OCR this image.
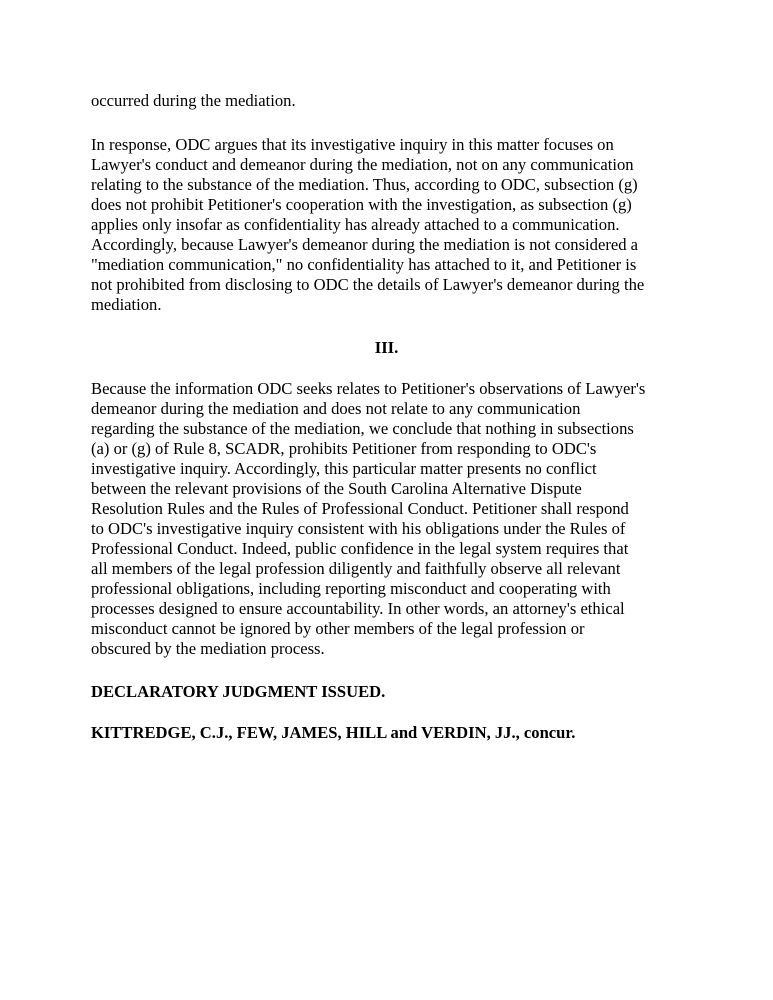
occurred during the mediation.

In response, ODC argues that its investigative inquiry in this matter focuses on
Lawyer's conduct and demeanor during the mediation, not on any communication
relating to the substance of the mediation. Thus, according to ODC, subsection (g)
does not prohibit Petitioner's cooperation with the investigation, as subsection (g)
applies only insofar as confidentiality has already attached to a communication.
Accordingly, because Lawyer's demeanor during the mediation is not considered a
"mediation communication," no confidentiality has attached to it, and Petitioner is
not prohibited from disclosing to ODC the details of Lawyer's demeanor during the
mediation.

III.

Because the information ODC seeks relates to Petitioner's observations of Lawyer's
demeanor during the mediation and does not relate to any communication
regarding the substance of the mediation, we conclude that nothing in subsections
(a) or (g) of Rule 8, SCADR, prohibits Petitioner from responding to ODC's
investigative inquiry. Accordingly, this particular matter presents no conflict
between the relevant provisions of the South Carolina Alternative Dispute
Resolution Rules and the Rules of Professional Conduct. Petitioner shall respond
to ODC's investigative inquiry consistent with his obligations under the Rules of
Professional Conduct. Indeed, public confidence in the legal system requires that
all members of the legal profession diligently and faithfully observe all relevant
professional obligations, including reporting misconduct and cooperating with
processes designed to ensure accountability. In other words, an attorney's ethical
misconduct cannot be ignored by other members of the legal profession or
obscured by the mediation process.

DECLARATORY JUDGMENT ISSUED.

KITTREDGE, C.J., FEW, JAMES, HILL and VERDIN, JJ., concur.
